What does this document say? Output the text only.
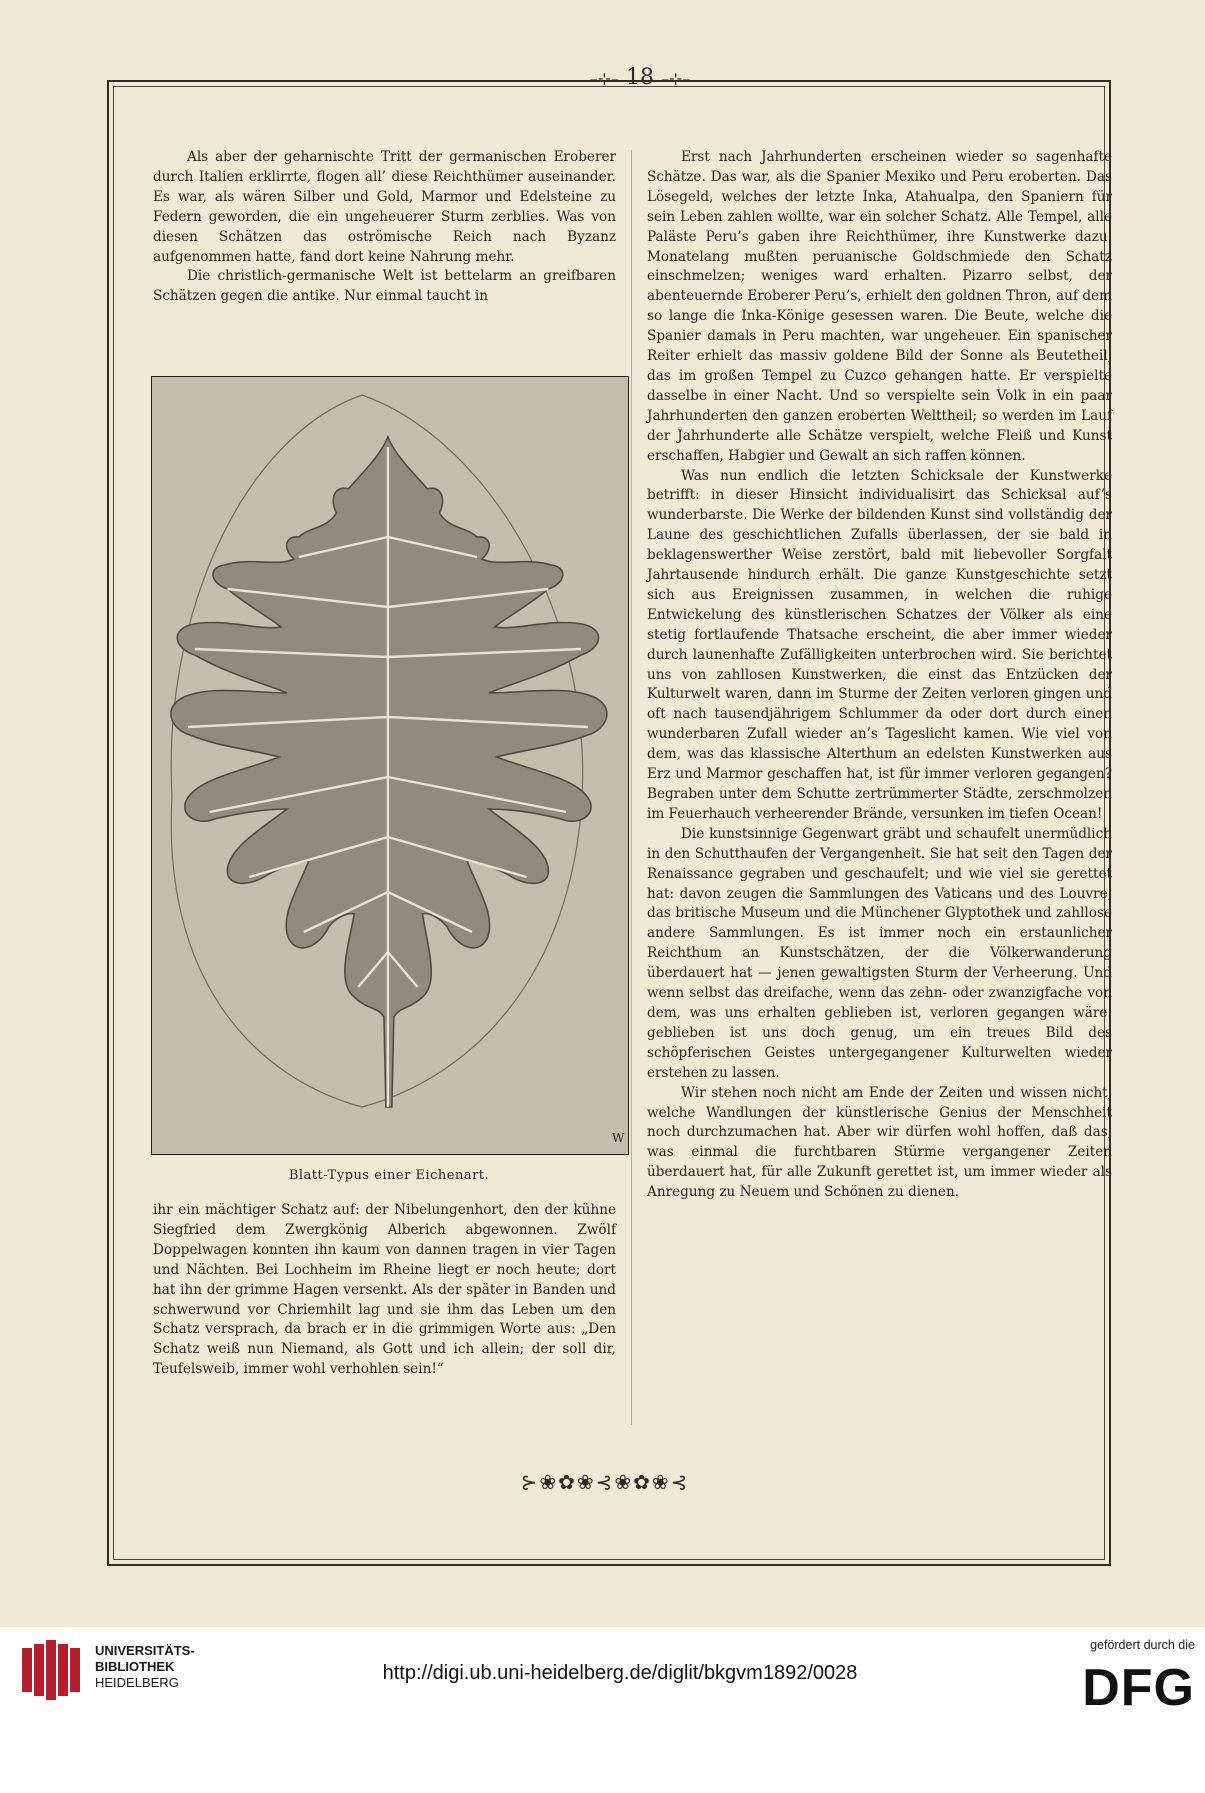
–⊹– 18 –⊹–

Als aber der geharnischte Tritt der germanischen Eroberer durch Italien erklirrte, flogen all’ diese Reichthümer auseinander. Es war, als wären Silber und Gold, Marmor und Edelsteine zu Federn geworden, die ein ungeheuerer Sturm zerblies. Was von diesen Schätzen das oströmische Reich nach Byzanz aufgenommen hatte, fand dort keine Nahrung mehr.

Die christlich-germanische Welt ist bettelarm an greifbaren Schätzen gegen die antike. Nur einmal taucht in

W
Blatt-Typus einer Eichenart.

ihr ein mächtiger Schatz auf: der Nibelungenhort, den der kühne Siegfried dem Zwergkönig Alberich abgewonnen. Zwölf Doppelwagen konnten ihn kaum von dannen tragen in vier Tagen und Nächten. Bei Lochheim im Rheine liegt er noch heute; dort hat ihn der grimme Hagen versenkt. Als der später in Banden und schwerwund vor Chriemhilt lag und sie ihm das Leben um den Schatz versprach, da brach er in die grimmigen Worte aus: „Den Schatz weiß nun Niemand, als Gott und ich allein; der soll dir, Teufelsweib, immer wohl verhohlen sein!“

Erst nach Jahrhunderten erscheinen wieder so sagenhafte Schätze. Das war, als die Spanier Mexiko und Peru eroberten. Das Lösegeld, welches der letzte Inka, Atahualpa, den Spaniern für sein Leben zahlen wollte, war ein solcher Schatz. Alle Tempel, alle Paläste Peru’s gaben ihre Reichthümer, ihre Kunstwerke dazu. Monatelang mußten peruanische Goldschmiede den Schatz einschmelzen; weniges ward erhalten. Pizarro selbst, der abenteuernde Eroberer Peru’s, erhielt den goldnen Thron, auf dem so lange die Inka-Könige gesessen waren. Die Beute, welche die Spanier damals in Peru machten, war ungeheuer. Ein spanischer Reiter erhielt das massiv goldene Bild der Sonne als Beutetheil, das im großen Tempel zu Cuzco gehangen hatte. Er verspielte dasselbe in einer Nacht. Und so verspielte sein Volk in ein paar Jahrhunderten den ganzen eroberten Welttheil; so werden im Lauf der Jahrhunderte alle Schätze verspielt, welche Fleiß und Kunst erschaffen, Habgier und Gewalt an sich raffen können.

Was nun endlich die letzten Schicksale der Kunstwerke betrifft: in dieser Hinsicht individualisirt das Schicksal auf’s wunderbarste. Die Werke der bildenden Kunst sind vollständig der Laune des geschichtlichen Zufalls überlassen, der sie bald in beklagenswerther Weise zerstört, bald mit liebevoller Sorgfalt Jahrtausende hindurch erhält. Die ganze Kunstgeschichte setzt sich aus Ereignissen zusammen, in welchen die ruhige Entwickelung des künstlerischen Schatzes der Völker als eine stetig fortlaufende Thatsache erscheint, die aber immer wieder durch launenhafte Zufälligkeiten unterbrochen wird. Sie berichtet uns von zahllosen Kunstwerken, die einst das Entzücken der Kulturwelt waren, dann im Sturme der Zeiten verloren gingen und oft nach tausendjährigem Schlummer da oder dort durch einen wunderbaren Zufall wieder an’s Tageslicht kamen. Wie viel von dem, was das klassische Alterthum an edelsten Kunstwerken aus Erz und Marmor geschaffen hat, ist für immer verloren gegangen? Begraben unter dem Schutte zertrümmerter Städte, zerschmolzen im Feuerhauch verheerender Brände, versunken im tiefen Ocean!

Die kunstsinnige Gegenwart gräbt und schaufelt unermüdlich in den Schutthaufen der Vergangenheit. Sie hat seit den Tagen der Renaissance gegraben und geschaufelt; und wie viel sie gerettet hat: davon zeugen die Sammlungen des Vaticans und des Louvre, das britische Museum und die Münchener Glyptothek und zahllose andere Sammlungen. Es ist immer noch ein erstaunlicher Reichthum an Kunstschätzen, der die Völkerwanderung überdauert hat — jenen gewaltigsten Sturm der Verheerung. Und wenn selbst das dreifache, wenn das zehn- oder zwanzigfache von dem, was uns erhalten geblieben ist, verloren gegangen wäre: geblieben ist uns doch genug, um ein treues Bild des schöpferischen Geistes untergegangener Kulturwelten wieder erstehen zu lassen.

Wir stehen noch nicht am Ende der Zeiten und wissen nicht, welche Wandlungen der künstlerische Genius der Menschheit noch durchzumachen hat. Aber wir dürfen wohl hoffen, daß das, was einmal die furchtbaren Stürme vergangener Zeiten überdauert hat, für alle Zukunft gerettet ist, um immer wieder als Anregung zu Neuem und Schönen zu dienen.

⊱❀✿❀⊰❀✿❀⊰
UNIVERSITÄTS-
BIBLIOTHEK
HEIDELBERG	http://digi.ub.uni-heidelberg.de/diglit/bkgvm1892/0028
gefördert durch die
DFG
